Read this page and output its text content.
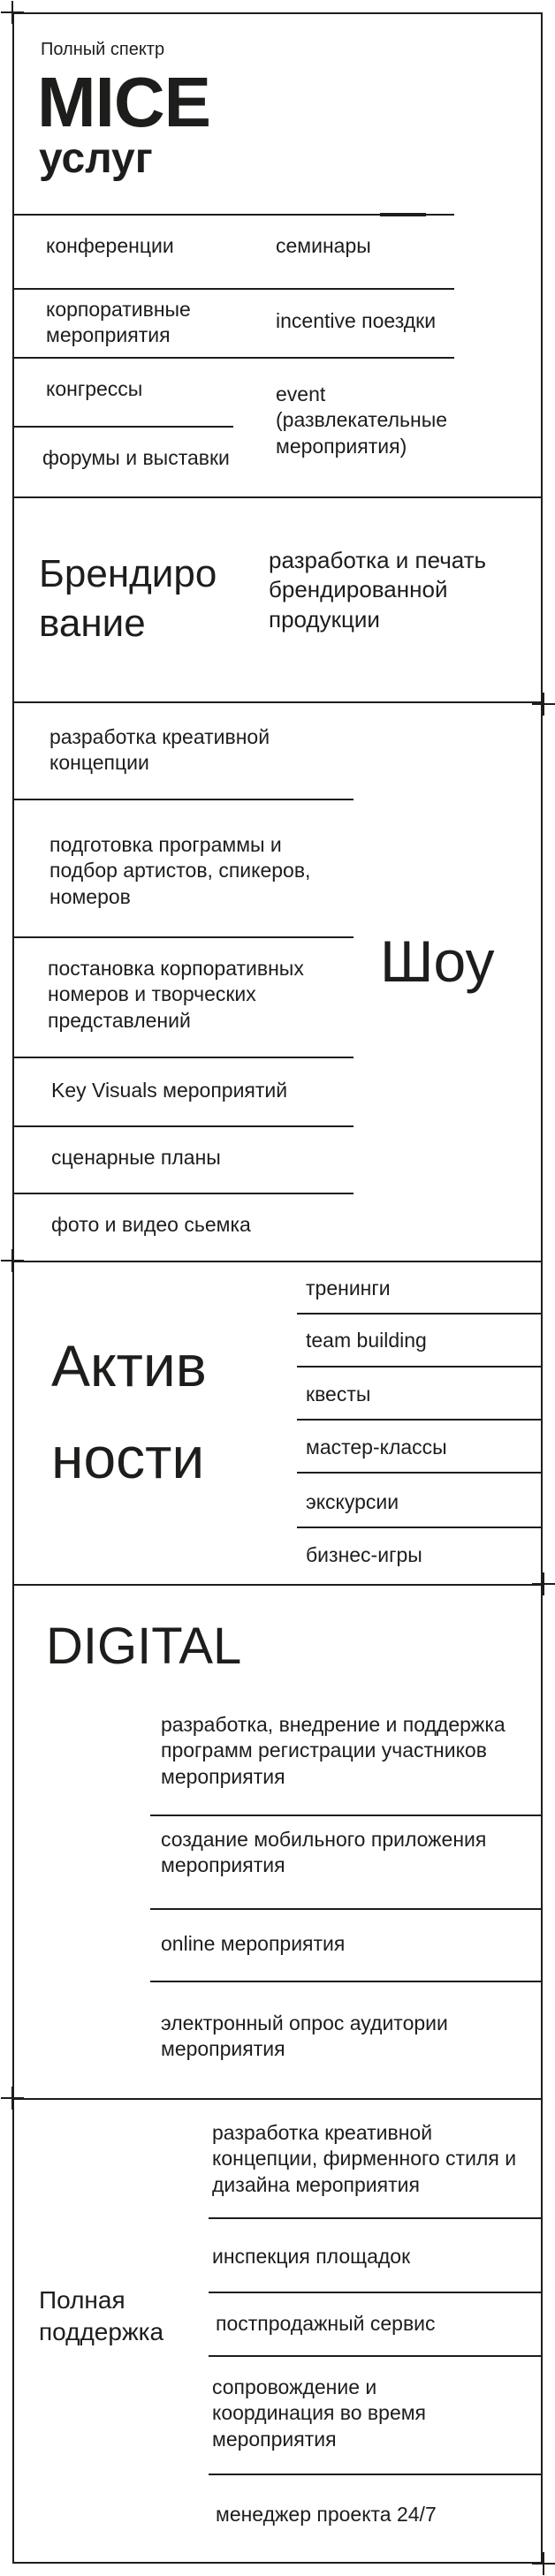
Полный спектр
MICE
услуг
конференции	семинары
корпоративные мероприятия
incentive поездки
конгрессы	event (развлекательные мероприятия)
форумы и выставки
Брендиро
вание
разработка и печать брендированной продукции
разработка креативной концепции
подготовка программы и подбор артистов, спикеров, номеров
постановка корпоративных номеров и творческих представлений
Key Visuals мероприятий
сценарные планы
фото и видео сьемка
Шоу
Актив
ности
тренинги
team building
квесты
мастер-классы
экскурсии
бизнес-игры
DIGITAL
разработка, внедрение и поддержка программ регистрации участников мероприятия
создание мобильного приложения мероприятия
online мероприятия
электронный опрос аудитории мероприятия
Полная поддержка
разработка креативной концепции, фирменного стиля и дизайна мероприятия
инспекция площадок
постпродажный сервис
сопровождение и координация во время мероприятия
менеджер проекта 24/7
